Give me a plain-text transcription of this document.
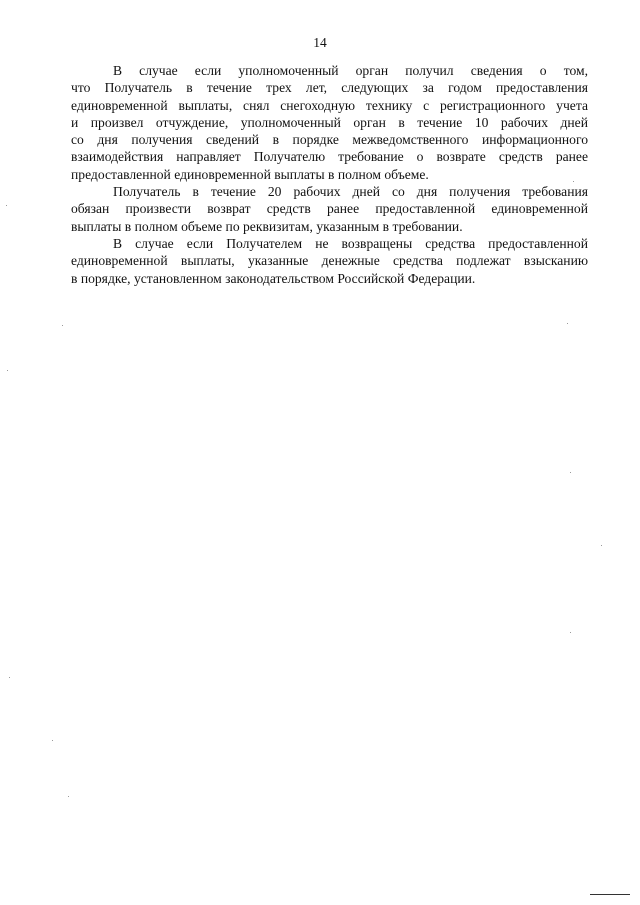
14

В случае если уполномоченный орган получил сведения о том,
что Получатель в течение трех лет, следующих за годом предоставления
единовременной выплаты, снял снегоходную технику с регистрационного учета
и произвел отчуждение, уполномоченный орган в течение 10 рабочих дней
со дня получения сведений в порядке межведомственного информационного
взаимодействия направляет Получателю требование о возврате средств ранее
предоставленной единовременной выплаты в полном объеме.

Получатель в течение 20 рабочих дней со дня получения требования
обязан произвести возврат средств ранее предоставленной единовременной
выплаты в полном объеме по реквизитам, указанным в требовании.

В случае если Получателем не возвращены средства предоставленной
единовременной выплаты, указанные денежные средства подлежат взысканию
в порядке, установленном законодательством Российской Федерации.
